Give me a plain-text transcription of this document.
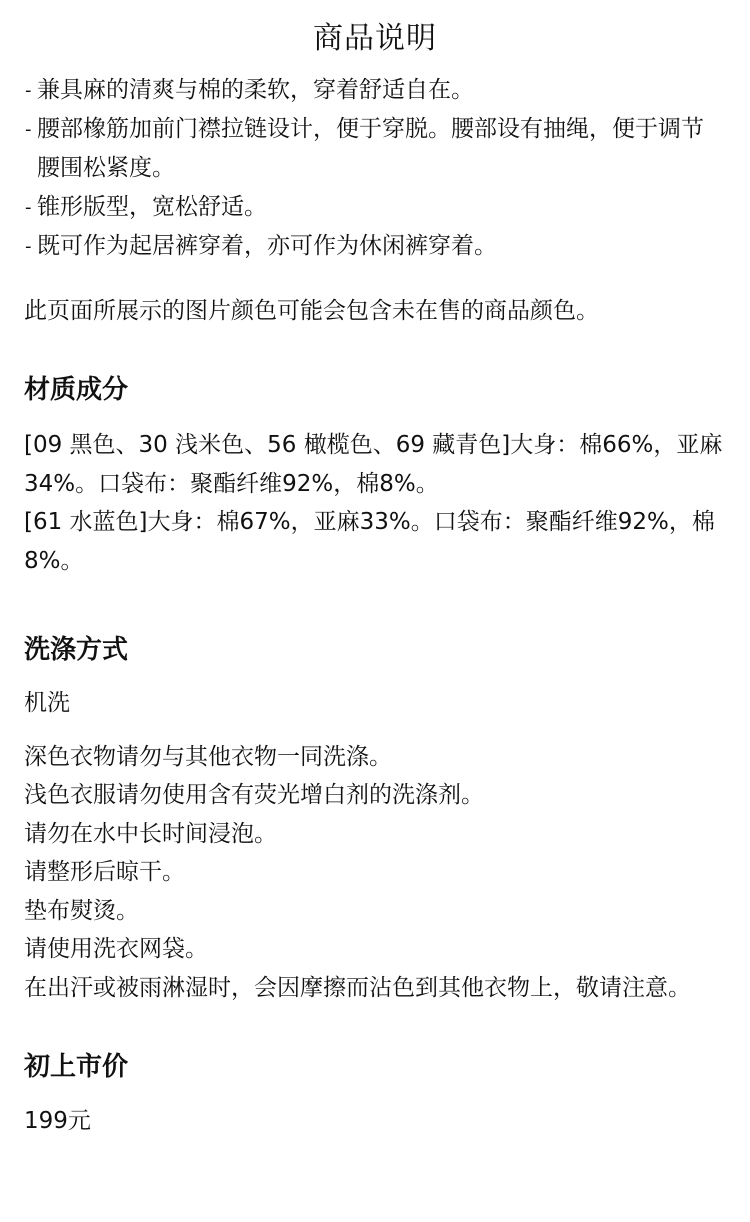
商品说明
- 兼具麻的清爽与棉的柔软，穿着舒适自在。
- 腰部橡筋加前门襟拉链设计，便于穿脱。腰部设有抽绳，便于调节腰围松紧度。
- 锥形版型，宽松舒适。
- 既可作为起居裤穿着，亦可作为休闲裤穿着。

此页面所展示的图片颜色可能会包含未在售的商品颜色。

材质成分

[09 黑色、30 浅米色、56 橄榄色、69 藏青色]大身：棉66%，亚麻34%。口袋布：聚酯纤维92%，棉8%。

[61 水蓝色]大身：棉67%，亚麻33%。口袋布：聚酯纤维92%，棉8%。

洗涤方式

机洗

深色衣物请勿与其他衣物一同洗涤。

浅色衣服请勿使用含有荧光增白剂的洗涤剂。

请勿在水中长时间浸泡。

请整形后晾干。

垫布熨烫。

请使用洗衣网袋。

在出汗或被雨淋湿时，会因摩擦而沾色到其他衣物上，敬请注意。

初上市价

199元
